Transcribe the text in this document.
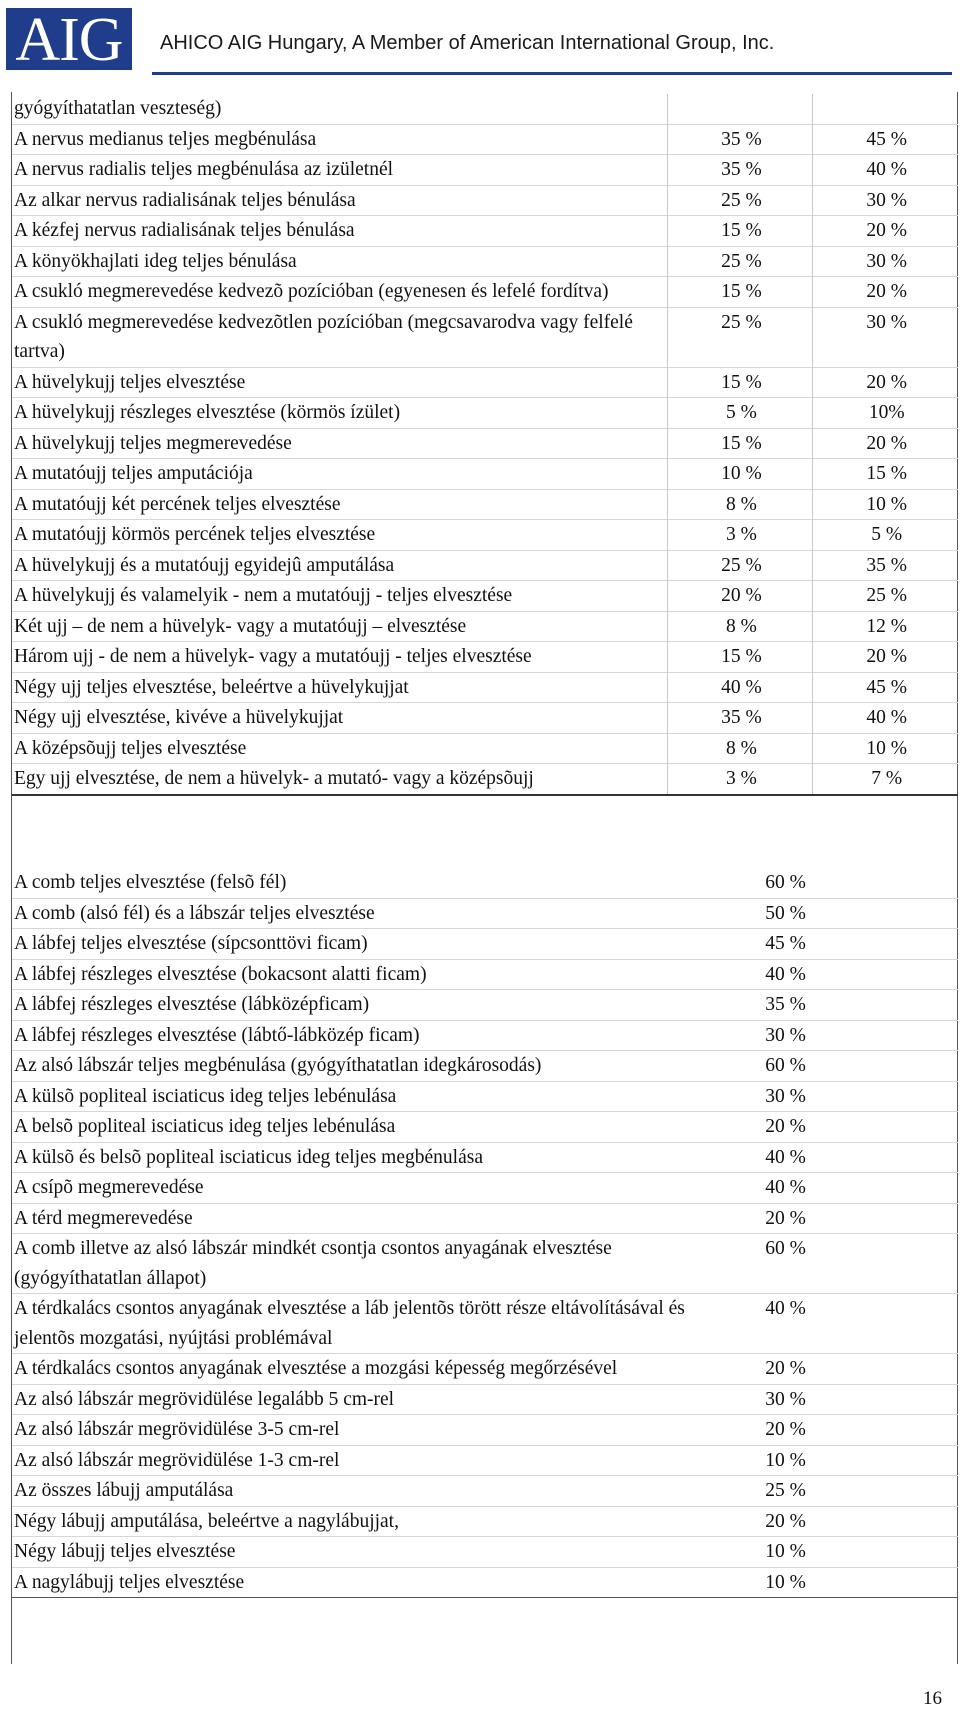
AIG	AHICO AIG Hungary, A Member of American International Group, Inc.
gyógyíthatatlan veszteség)		
A nervus medianus teljes megbénulása	35 %	45 %
A nervus radialis teljes megbénulása az izületnél	35 %	40 %
Az alkar nervus radialisának teljes bénulása	25 %	30 %
A kézfej nervus radialisának teljes bénulása	15 %	20 %
A könyökhajlati ideg teljes bénulása	25 %	30 %
A csukló megmerevedése kedvezõ pozícióban (egyenesen és lefelé fordítva)	15 %	20 %
A csukló megmerevedése kedvezõtlen pozícióban (megcsavarodva vagy felfelé tartva)	25 %	30 %
A hüvelykujj teljes elvesztése	15 %	20 %
A hüvelykujj részleges elvesztése (körmös ízület)	5 %	10%
A hüvelykujj teljes megmerevedése	15 %	20 %
A mutatóujj teljes amputációja	10 %	15 %
A mutatóujj két percének teljes elvesztése	8 %	10 %
A mutatóujj körmös percének teljes elvesztése	3 %	5 %
A hüvelykujj és a mutatóujj egyidejû amputálása	25 %	35 %
A hüvelykujj és valamelyik - nem a mutatóujj - teljes elvesztése	20 %	25 %
Két ujj – de nem a hüvelyk- vagy a mutatóujj – elvesztése	8 %	12 %
Három ujj - de nem a hüvelyk- vagy a mutatóujj - teljes elvesztése	15 %	20 %
Négy ujj teljes elvesztése, beleértve a hüvelykujjat	40 %	45 %
Négy ujj elvesztése, kivéve a hüvelykujjat	35 %	40 %
A középsõujj teljes elvesztése	8 %	10 %
Egy ujj elvesztése, de nem a hüvelyk- a mutató- vagy a középsõujj	3 %	7 %
A comb teljes elvesztése (felsõ fél)	60 %	
A comb (alsó fél) és a lábszár teljes elvesztése	50 %	
A lábfej teljes elvesztése (sípcsonttövi ficam)	45 %	
A lábfej részleges elvesztése (bokacsont alatti ficam)	40 %	
A lábfej részleges elvesztése (lábközépficam)	35 %	
A lábfej részleges elvesztése (lábtő-lábközép ficam)	30 %	
Az alsó lábszár teljes megbénulása (gyógyíthatatlan idegkárosodás)	60 %	
A külsõ popliteal isciaticus ideg teljes lebénulása	30 %	
A belsõ popliteal isciaticus ideg teljes lebénulása	20 %	
A külsõ és belsõ popliteal isciaticus ideg teljes megbénulása	40 %	
A csípõ megmerevedése	40 %	
A térd megmerevedése	20 %	
A comb illetve az alsó lábszár mindkét csontja csontos anyagának elvesztése (gyógyíthatatlan állapot)	60 %	
A térdkalács csontos anyagának elvesztése a láb jelentõs törött része eltávolításával és jelentõs mozgatási, nyújtási problémával	40 %	
A térdkalács csontos anyagának elvesztése a mozgási képesség megőrzésével	20 %	
Az alsó lábszár megrövidülése legalább 5 cm-rel	30 %	
Az alsó lábszár megrövidülése 3-5 cm-rel	20 %	
Az alsó lábszár megrövidülése 1-3 cm-rel	10 %	
Az összes lábujj amputálása	25 %	
Négy lábujj amputálása, beleértve a nagylábujjat,	20 %	
Négy lábujj teljes elvesztése	10 %	
A nagylábujj teljes elvesztése	10 %	
16
